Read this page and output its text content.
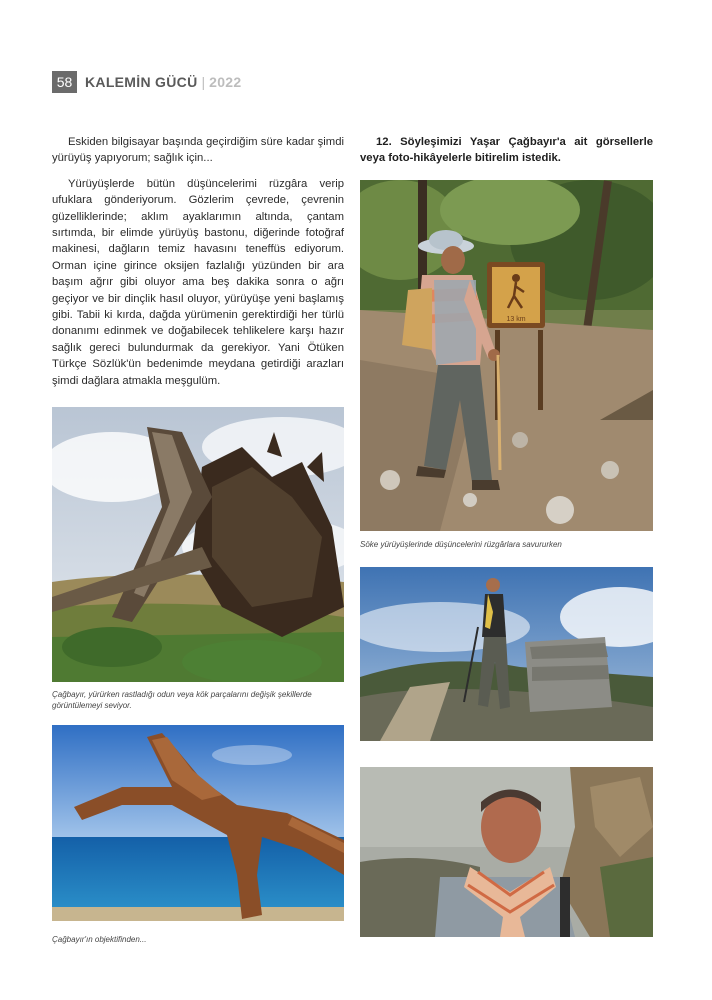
58 KALEMİN GÜCÜ | 2022

Eskiden bilgisayar başında geçirdiğim süre kadar şimdi yürüyüş yapıyorum; sağlık için...

Yürüyüşlerde bütün düşüncelerimi rüzgâra verip ufuklara gönderiyorum. Gözlerim çevrede, çevrenin güzelliklerinde; aklım ayaklarımın altında, çantam sırtımda, bir elimde yürüyüş bastonu, diğerinde fotoğraf makinesi, dağların temiz havasını teneffüs ediyorum. Orman içine girince oksijen fazlalığı yüzünden bir ara başım ağrır gibi oluyor ama beş dakika sonra o ağrı geçiyor ve bir dinçlik hasıl oluyor, yürüyüşe yeni başlamış gibi. Tabii ki kırda, dağda yürümenin gerektirdiği her türlü donanımı edinmek ve doğabilecek tehlikelere karşı hazır sağlık gereci bulundurmak da gerekiyor. Yani Ötüken Türkçe Sözlük'ün bedenimde meydana getirdiği arazları şimdi dağlara atmakla meşgulüm.

12. Söyleşimizi Yaşar Çağbayır'a ait görsellerle veya foto-hikâyelerle bitirelim istedik.

13 km
Söke yürüyüşlerinde düşüncelerini rüzgârlara savururken
Çağbayır, yürürken rastladığı odun veya kök parçalarını değişik şekillerde görüntülemeyi seviyor.
Çağbayır'ın objektifinden...
